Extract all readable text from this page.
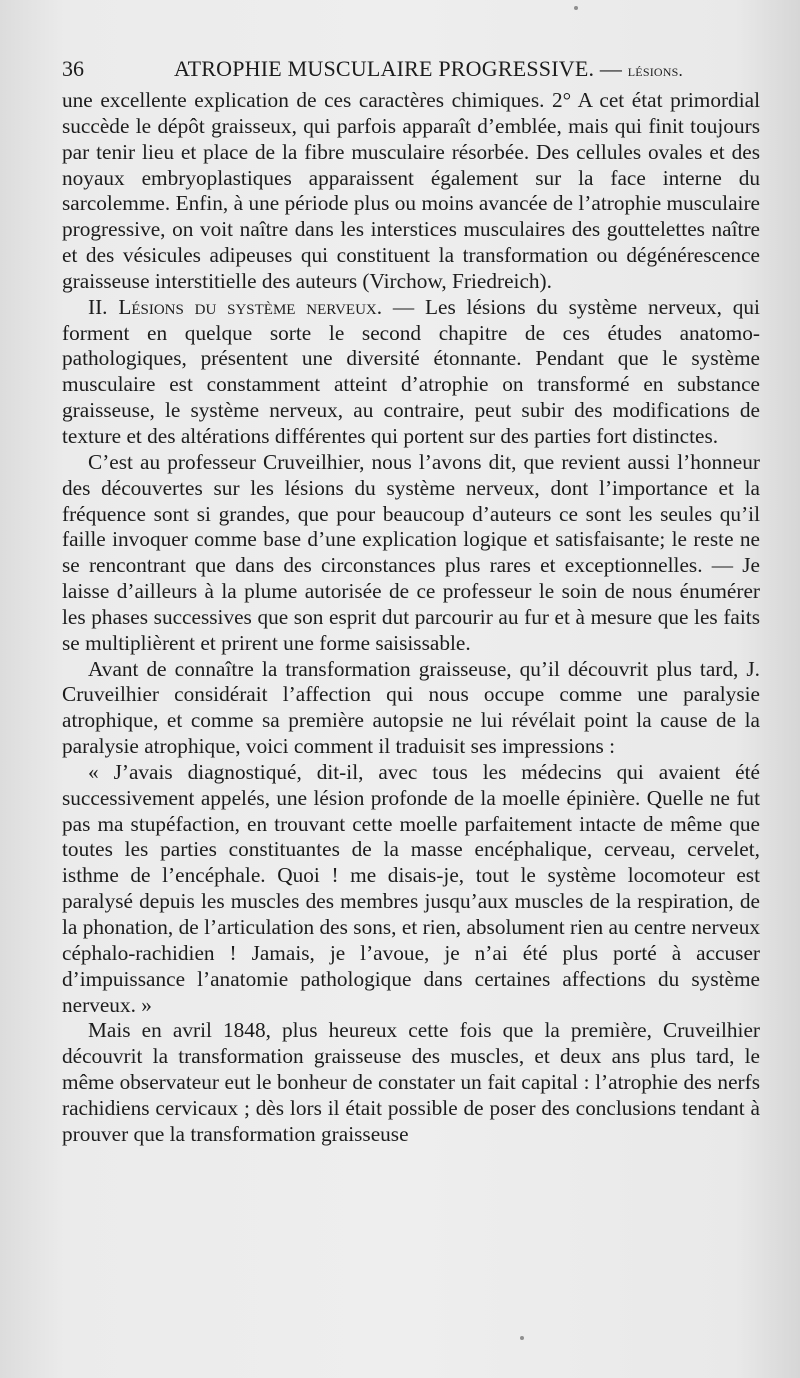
36	ATROPHIE MUSCULAIRE PROGRESSIVE. — lésions.

une excellente explication de ces caractères chimiques. 2° A cet état primordial succède le dépôt graisseux, qui parfois apparaît d’emblée, mais qui finit toujours par tenir lieu et place de la fibre musculaire résorbée. Des cellules ovales et des noyaux embryoplastiques apparaissent également sur la face interne du sarcolemme. Enfin, à une période plus ou moins avancée de l’atrophie musculaire progressive, on voit naître dans les interstices musculaires des gouttelettes naître et des vésicules adipeuses qui constituent la transformation ou dégénérescence graisseuse interstitielle des auteurs (Virchow, Friedreich).

II. Lésions du système nerveux. — Les lésions du système nerveux, qui forment en quelque sorte le second chapitre de ces études anatomo-pathologiques, présentent une diversité étonnante. Pendant que le système musculaire est constamment atteint d’atrophie on transformé en substance graisseuse, le système nerveux, au contraire, peut subir des modifications de texture et des altérations différentes qui portent sur des parties fort distinctes.

C’est au professeur Cruveilhier, nous l’avons dit, que revient aussi l’honneur des découvertes sur les lésions du système nerveux, dont l’importance et la fréquence sont si grandes, que pour beaucoup d’auteurs ce sont les seules qu’il faille invoquer comme base d’une explication logique et satisfaisante; le reste ne se rencontrant que dans des circonstances plus rares et exceptionnelles. — Je laisse d’ailleurs à la plume autorisée de ce professeur le soin de nous énumérer les phases successives que son esprit dut parcourir au fur et à mesure que les faits se multiplièrent et prirent une forme saisissable.

Avant de connaître la transformation graisseuse, qu’il découvrit plus tard, J. Cruveilhier considérait l’affection qui nous occupe comme une paralysie atrophique, et comme sa première autopsie ne lui révélait point la cause de la paralysie atrophique, voici comment il traduisit ses impressions :

« J’avais diagnostiqué, dit-il, avec tous les médecins qui avaient été successivement appelés, une lésion profonde de la moelle épinière. Quelle ne fut pas ma stupéfaction, en trouvant cette moelle parfaitement intacte de même que toutes les parties constituantes de la masse encéphalique, cerveau, cervelet, isthme de l’encéphale. Quoi ! me disais-je, tout le système locomoteur est paralysé depuis les muscles des membres jusqu’aux muscles de la respiration, de la phonation, de l’articulation des sons, et rien, absolument rien au centre nerveux céphalo-rachidien ! Jamais, je l’avoue, je n’ai été plus porté à accuser d’impuissance l’anatomie pathologique dans certaines affections du système nerveux. »

Mais en avril 1848, plus heureux cette fois que la première, Cruveilhier découvrit la transformation graisseuse des muscles, et deux ans plus tard, le même observateur eut le bonheur de constater un fait capital : l’atrophie des nerfs rachidiens cervicaux ; dès lors il était possible de poser des conclusions tendant à prouver que la transformation graisseuse
